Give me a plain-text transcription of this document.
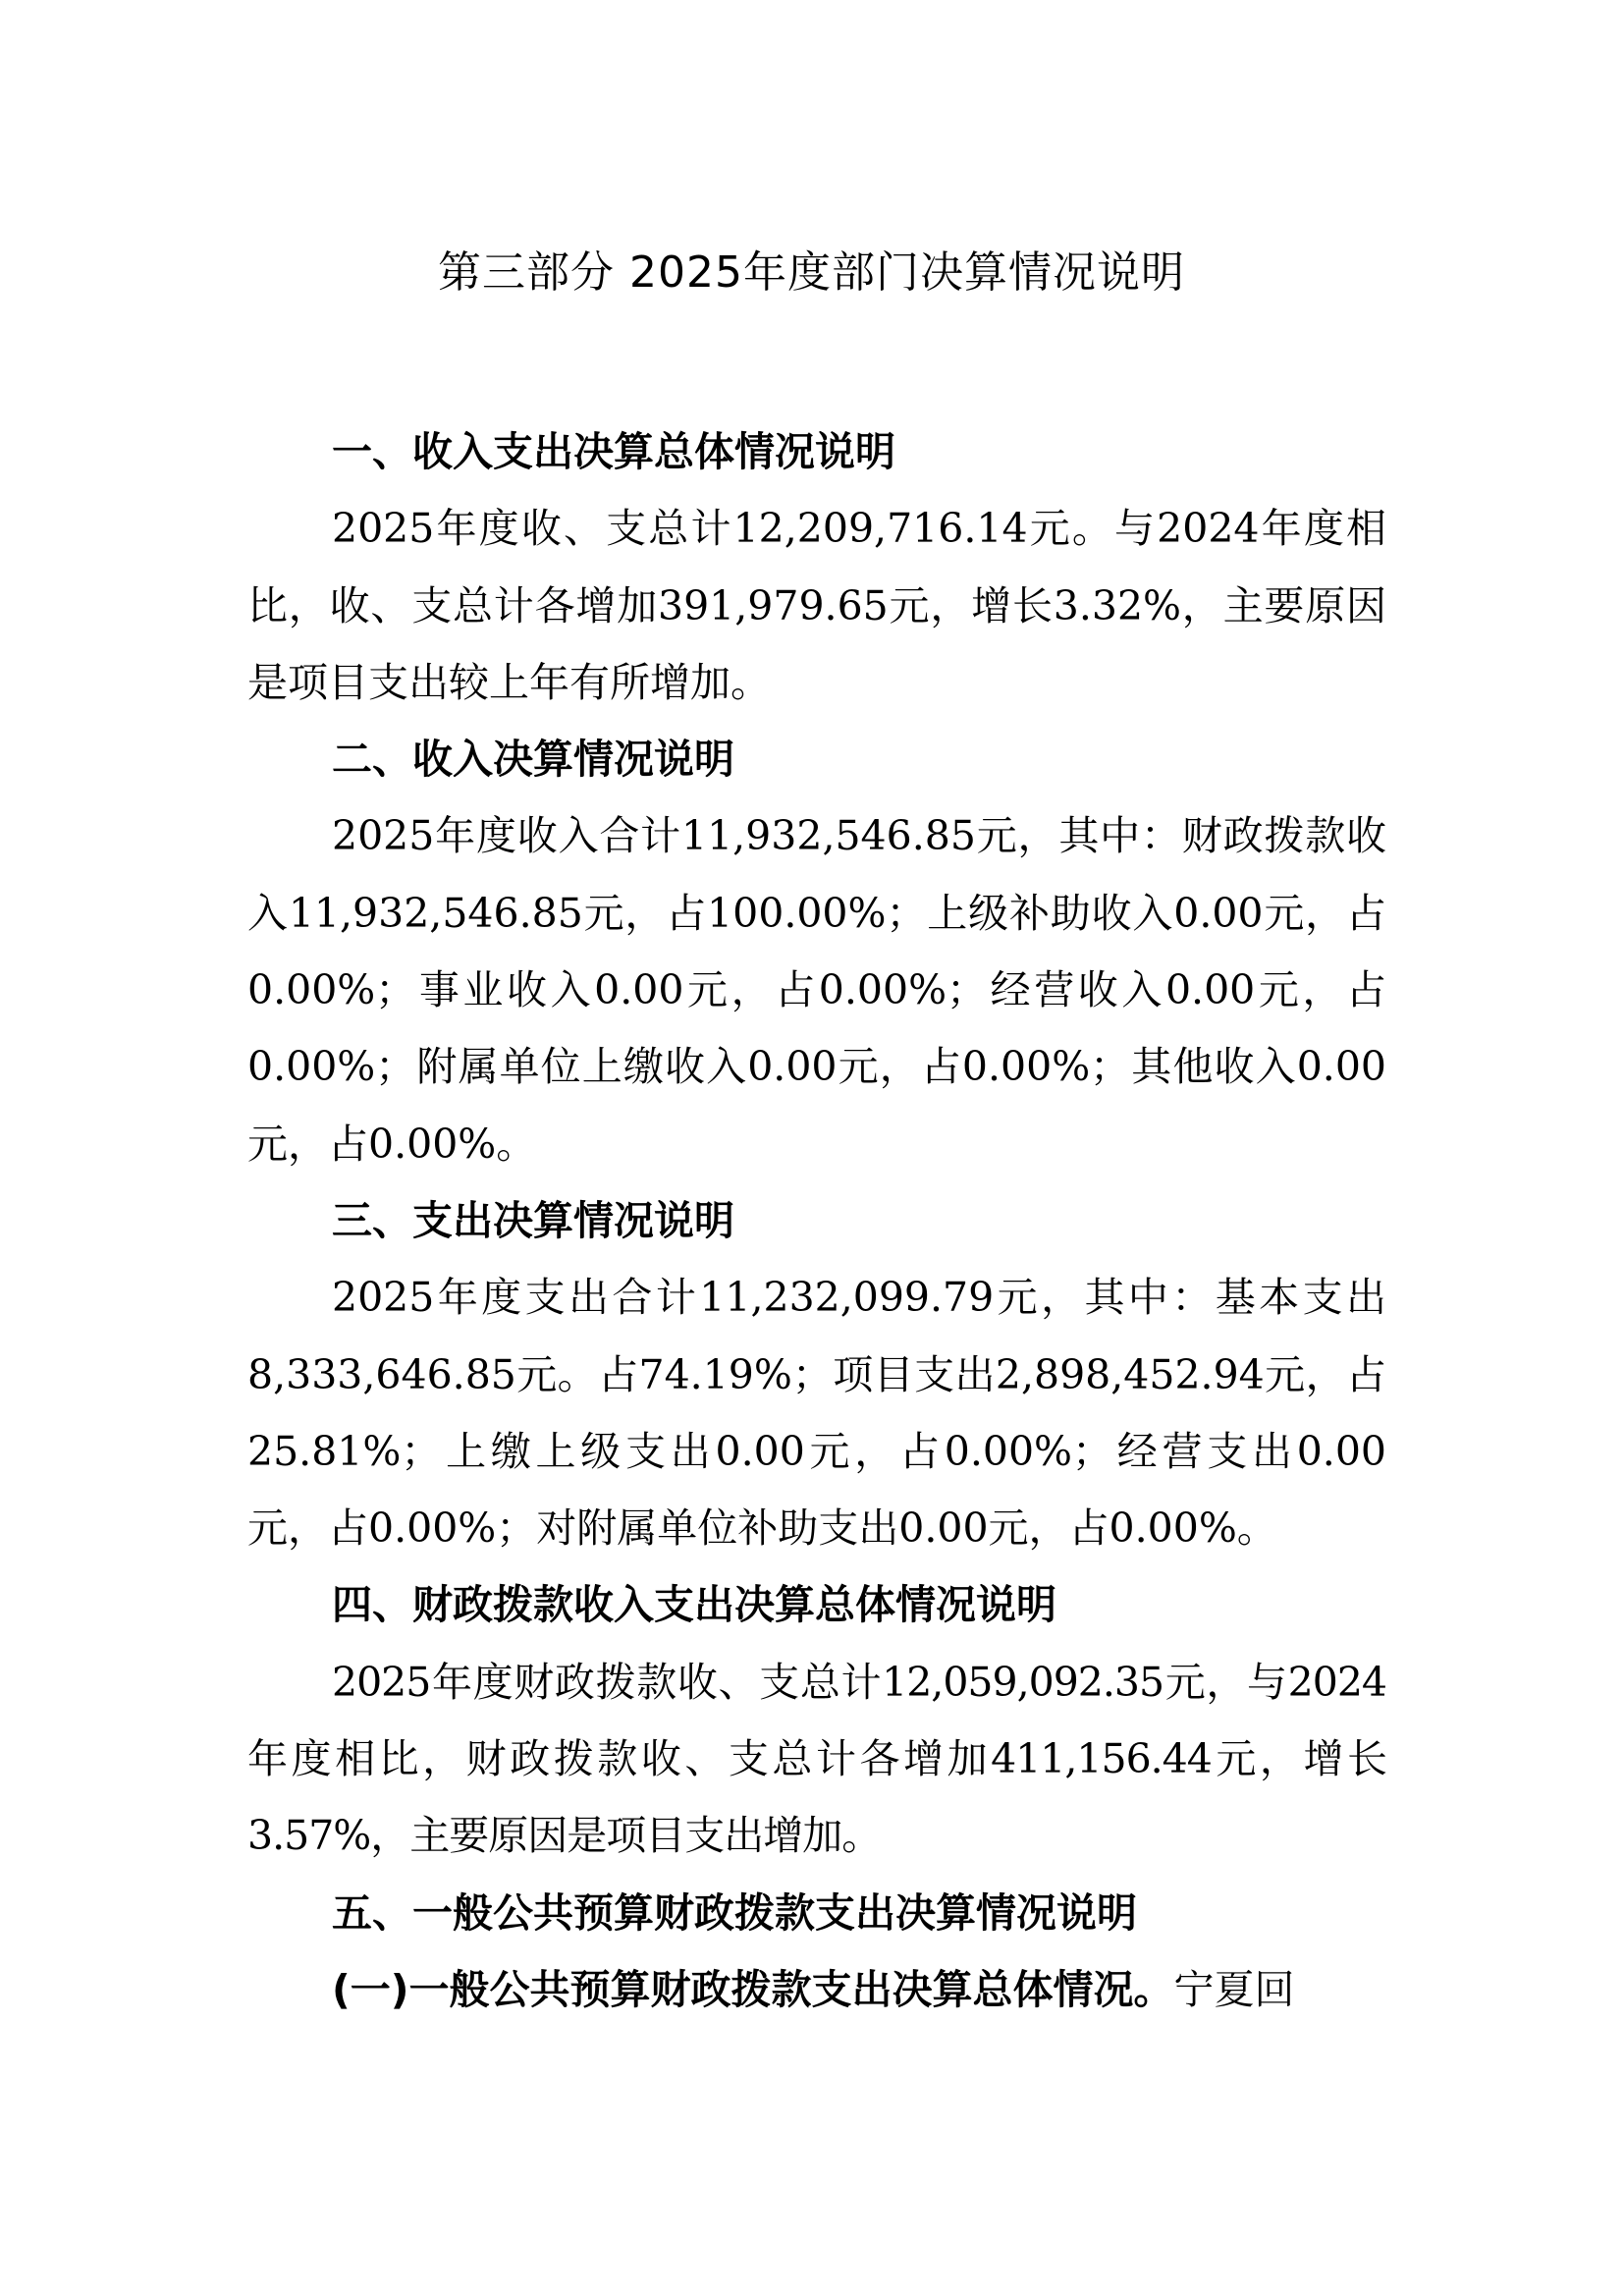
第三部分 2025年度部门决算情况说明

一、收入支出决算总体情况说明

2025年度收、支总计12,209,716.14元。与2024年度相比，收、支总计各增加391,979.65元，增长3.32%，主要原因是项目支出较上年有所增加。

二、收入决算情况说明

2025年度收入合计11,932,546.85元，其中：财政拨款收入11,932,546.85元，占100.00%；上级补助收入0.00元，占0.00%；事业收入0.00元，占0.00%；经营收入0.00元，占0.00%；附属单位上缴收入0.00元，占0.00%；其他收入0.00元，占0.00%。

三、支出决算情况说明

2025年度支出合计11,232,099.79元，其中：基本支出8,333,646.85元。占74.19%；项目支出2,898,452.94元，占25.81%；上缴上级支出0.00元，占0.00%；经营支出0.00元，占0.00%；对附属单位补助支出0.00元，占0.00%。

四、财政拨款收入支出决算总体情况说明

2025年度财政拨款收、支总计12,059,092.35元，与2024年度相比，财政拨款收、支总计各增加411,156.44元，增长3.57%，主要原因是项目支出增加。

五、一般公共预算财政拨款支出决算情况说明

(一)一般公共预算财政拨款支出决算总体情况。宁夏回
